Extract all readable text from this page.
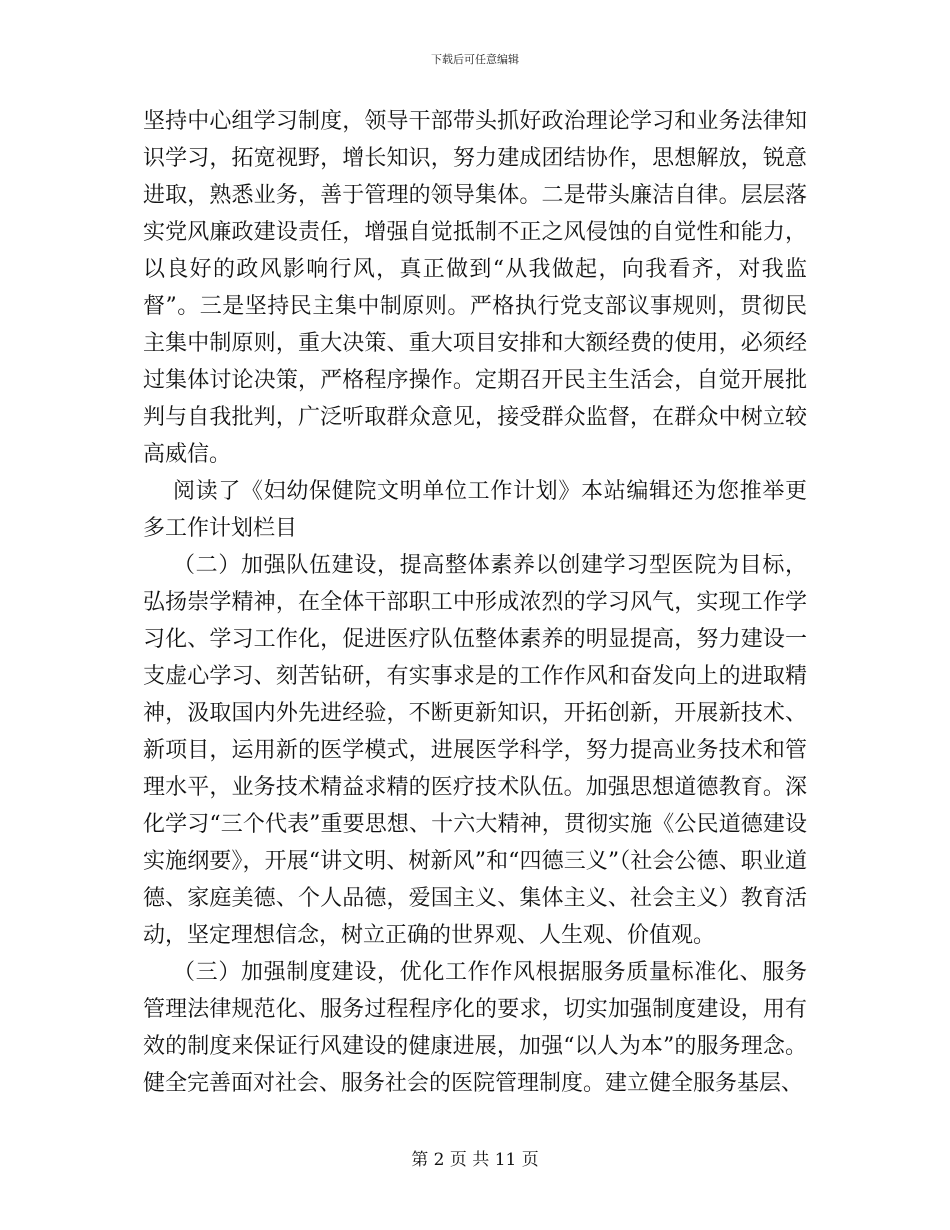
下载后可任意编辑

坚持中心组学习制度，领导干部带头抓好政治理论学习和业务法律知识学习，拓宽视野，增长知识，努力建成团结协作，思想解放，锐意进取，熟悉业务，善于管理的领导集体。二是带头廉洁自律。层层落实党风廉政建设责任，增强自觉抵制不正之风侵蚀的自觉性和能力，以良好的政风影响行风，真正做到“从我做起，向我看齐，对我监督”。三是坚持民主集中制原则。严格执行党支部议事规则，贯彻民主集中制原则，重大决策、重大项目安排和大额经费的使用，必须经过集体讨论决策，严格程序操作。定期召开民主生活会，自觉开展批判与自我批判，广泛听取群众意见，接受群众监督，在群众中树立较高威信。

阅读了《妇幼保健院文明单位工作计划》本站编辑还为您推举更多工作计划栏目

（二）加强队伍建设，提高整体素养以创建学习型医院为目标，弘扬崇学精神，在全体干部职工中形成浓烈的学习风气，实现工作学习化、学习工作化，促进医疗队伍整体素养的明显提高，努力建设一支虚心学习、刻苦钻研，有实事求是的工作作风和奋发向上的进取精神，汲取国内外先进经验，不断更新知识，开拓创新，开展新技术、新项目，运用新的医学模式，进展医学科学，努力提高业务技术和管理水平，业务技术精益求精的医疗技术队伍。加强思想道德教育。深化学习“三个代表”重要思想、十六大精神，贯彻实施《公民道德建设实施纲要》，开展“讲文明、树新风”和“四德三义”（社会公德、职业道德、家庭美德、个人品德，爱国主义、集体主义、社会主义）教育活动，坚定理想信念，树立正确的世界观、人生观、价值观。

（三）加强制度建设，优化工作作风根据服务质量标准化、服务管理法律规范化、服务过程程序化的要求，切实加强制度建设，用有效的制度来保证行风建设的健康进展，加强“以人为本”的服务理念。健全完善面对社会、服务社会的医院管理制度。建立健全服务基层、

第 2 页 共 11 页
